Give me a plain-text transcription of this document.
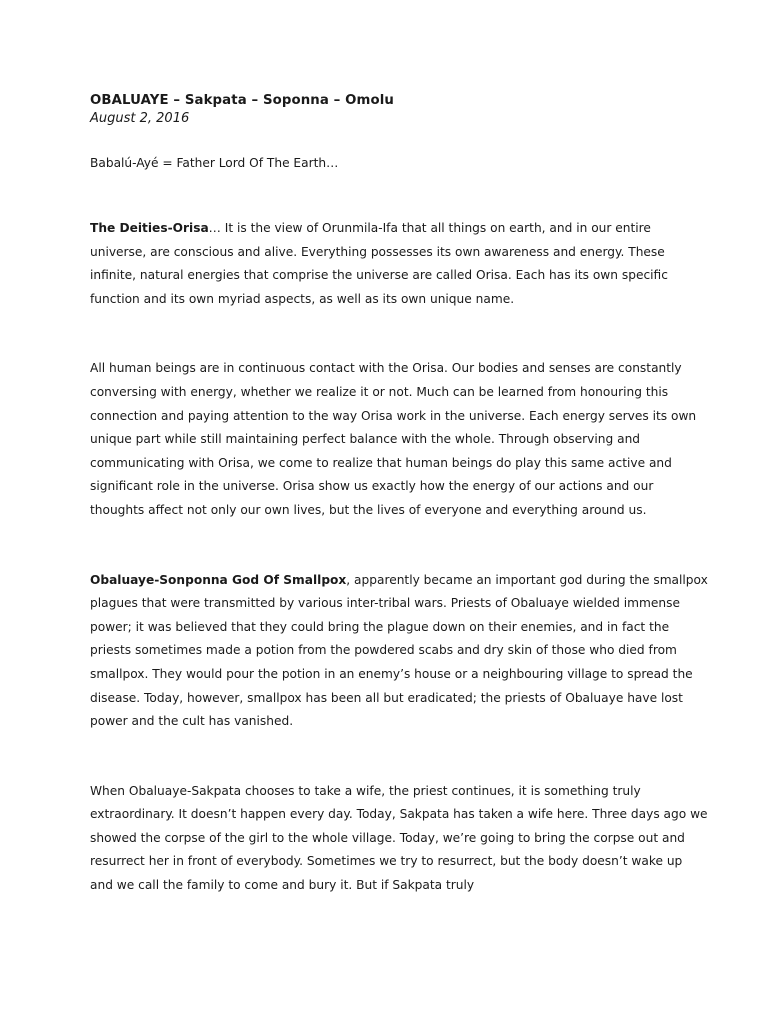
OBALUAYE – Sakpata – Soponna – Omolu
August 2, 2016
Babalú-Ayé = Father Lord Of The Earth…

The Deities-Orisa… It is the view of Orunmila-Ifa that all things on earth, and in our entire universe, are conscious and alive. Everything possesses its own awareness and energy. These infinite, natural energies that comprise the universe are called Orisa. Each has its own specific function and its own myriad aspects, as well as its own unique name.

All human beings are in continuous contact with the Orisa. Our bodies and senses are constantly conversing with energy, whether we realize it or not. Much can be learned from honouring this connection and paying attention to the way Orisa work in the universe. Each energy serves its own unique part while still maintaining perfect balance with the whole. Through observing and communicating with Orisa, we come to realize that human beings do play this same active and significant role in the universe. Orisa show us exactly how the energy of our actions and our thoughts affect not only our own lives, but the lives of everyone and everything around us.

Obaluaye-Sonponna God Of Smallpox, apparently became an important god during the smallpox plagues that were transmitted by various inter-tribal wars. Priests of Obaluaye wielded immense power; it was believed that they could bring the plague down on their enemies, and in fact the priests sometimes made a potion from the powdered scabs and dry skin of those who died from smallpox. They would pour the potion in an enemy’s house or a neighbouring village to spread the disease. Today, however, smallpox has been all but eradicated; the priests of Obaluaye have lost power and the cult has vanished.

When Obaluaye-Sakpata chooses to take a wife, the priest continues, it is something truly extraordinary. It doesn’t happen every day. Today, Sakpata has taken a wife here. Three days ago we showed the corpse of the girl to the whole village. Today, we’re going to bring the corpse out and resurrect her in front of everybody. Sometimes we try to resurrect, but the body doesn’t wake up and we call the family to come and bury it. But if Sakpata truly
